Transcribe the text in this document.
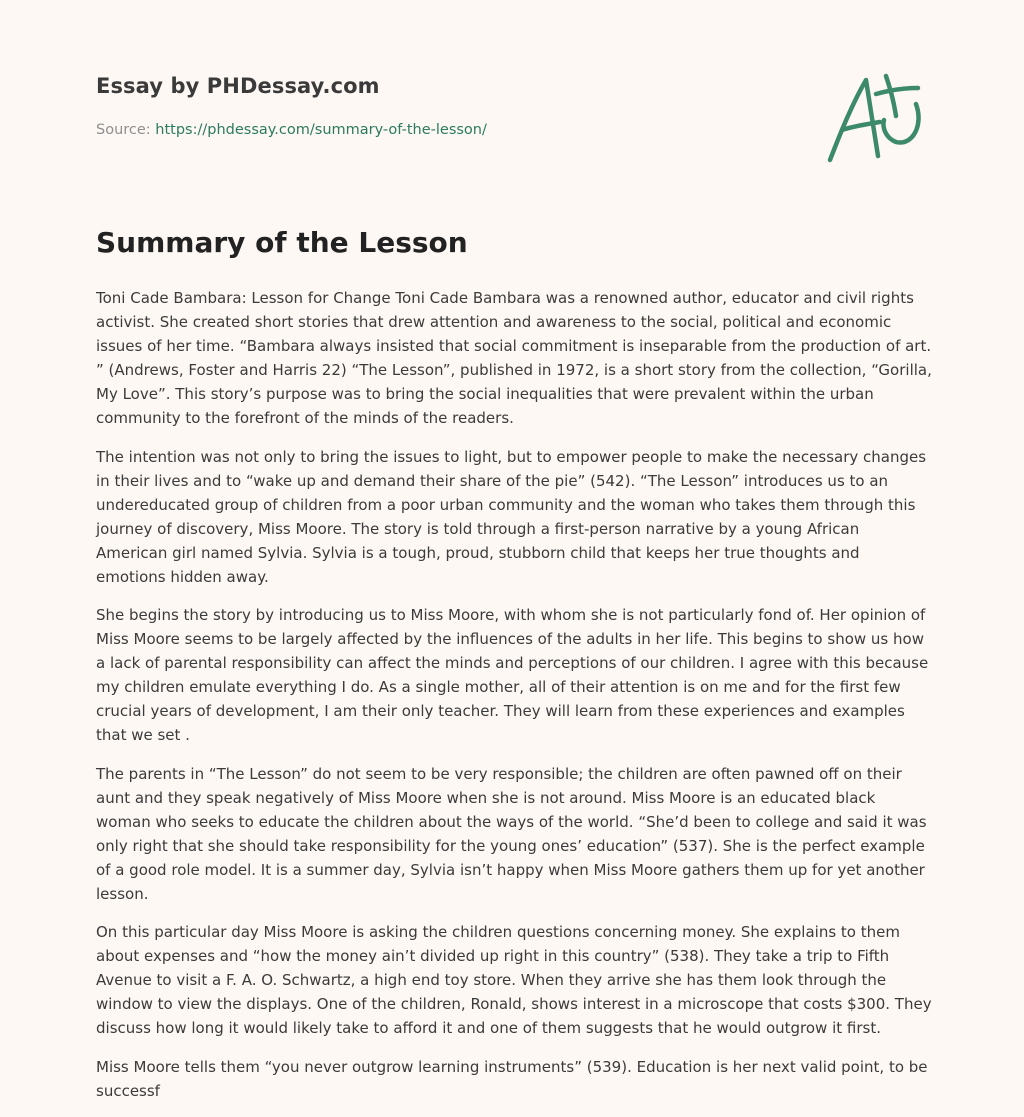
Essay by PHDessay.com
Source: https://phdessay.com/summary-of-the-lesson/
Summary of the Lesson

Toni Cade Bambara: Lesson for Change Toni Cade Bambara was a renowned author, educator and civil rights activist. She created short stories that drew attention and awareness to the social, political and economic issues of her time. “Bambara always insisted that social commitment is inseparable from the production of art. ” (Andrews, Foster and Harris 22) “The Lesson”, published in 1972, is a short story from the collection, “Gorilla, My Love”. This story’s purpose was to bring the social inequalities that were prevalent within the urban community to the forefront of the minds of the readers.

The intention was not only to bring the issues to light, but to empower people to make the necessary changes in their lives and to “wake up and demand their share of the pie” (542). “The Lesson” introduces us to an undereducated group of children from a poor urban community and the woman who takes them through this journey of discovery, Miss Moore. The story is told through a first-person narrative by a young African American girl named Sylvia. Sylvia is a tough, proud, stubborn child that keeps her true thoughts and emotions hidden away.

She begins the story by introducing us to Miss Moore, with whom she is not particularly fond of. Her opinion of Miss Moore seems to be largely affected by the influences of the adults in her life. This begins to show us how a lack of parental responsibility can affect the minds and perceptions of our children. I agree with this because my children emulate everything I do. As a single mother, all of their attention is on me and for the first few crucial years of development, I am their only teacher. They will learn from these experiences and examples that we set .

The parents in “The Lesson” do not seem to be very responsible; the children are often pawned off on their aunt and they speak negatively of Miss Moore when she is not around. Miss Moore is an educated black woman who seeks to educate the children about the ways of the world. “She’d been to college and said it was only right that she should take responsibility for the young ones’ education” (537). She is the perfect example of a good role model. It is a summer day, Sylvia isn’t happy when Miss Moore gathers them up for yet another lesson.

On this particular day Miss Moore is asking the children questions concerning money. She explains to them about expenses and “how the money ain’t divided up right in this country” (538). They take a trip to Fifth Avenue to visit a F. A. O. Schwartz, a high end toy store. When they arrive she has them look through the window to view the displays. One of the children, Ronald, shows interest in a microscope that costs $300. They discuss how long it would likely take to afford it and one of them suggests that he would outgrow it first.

Miss Moore tells them “you never outgrow learning instruments” (539). Education is her next valid point, to be successf
